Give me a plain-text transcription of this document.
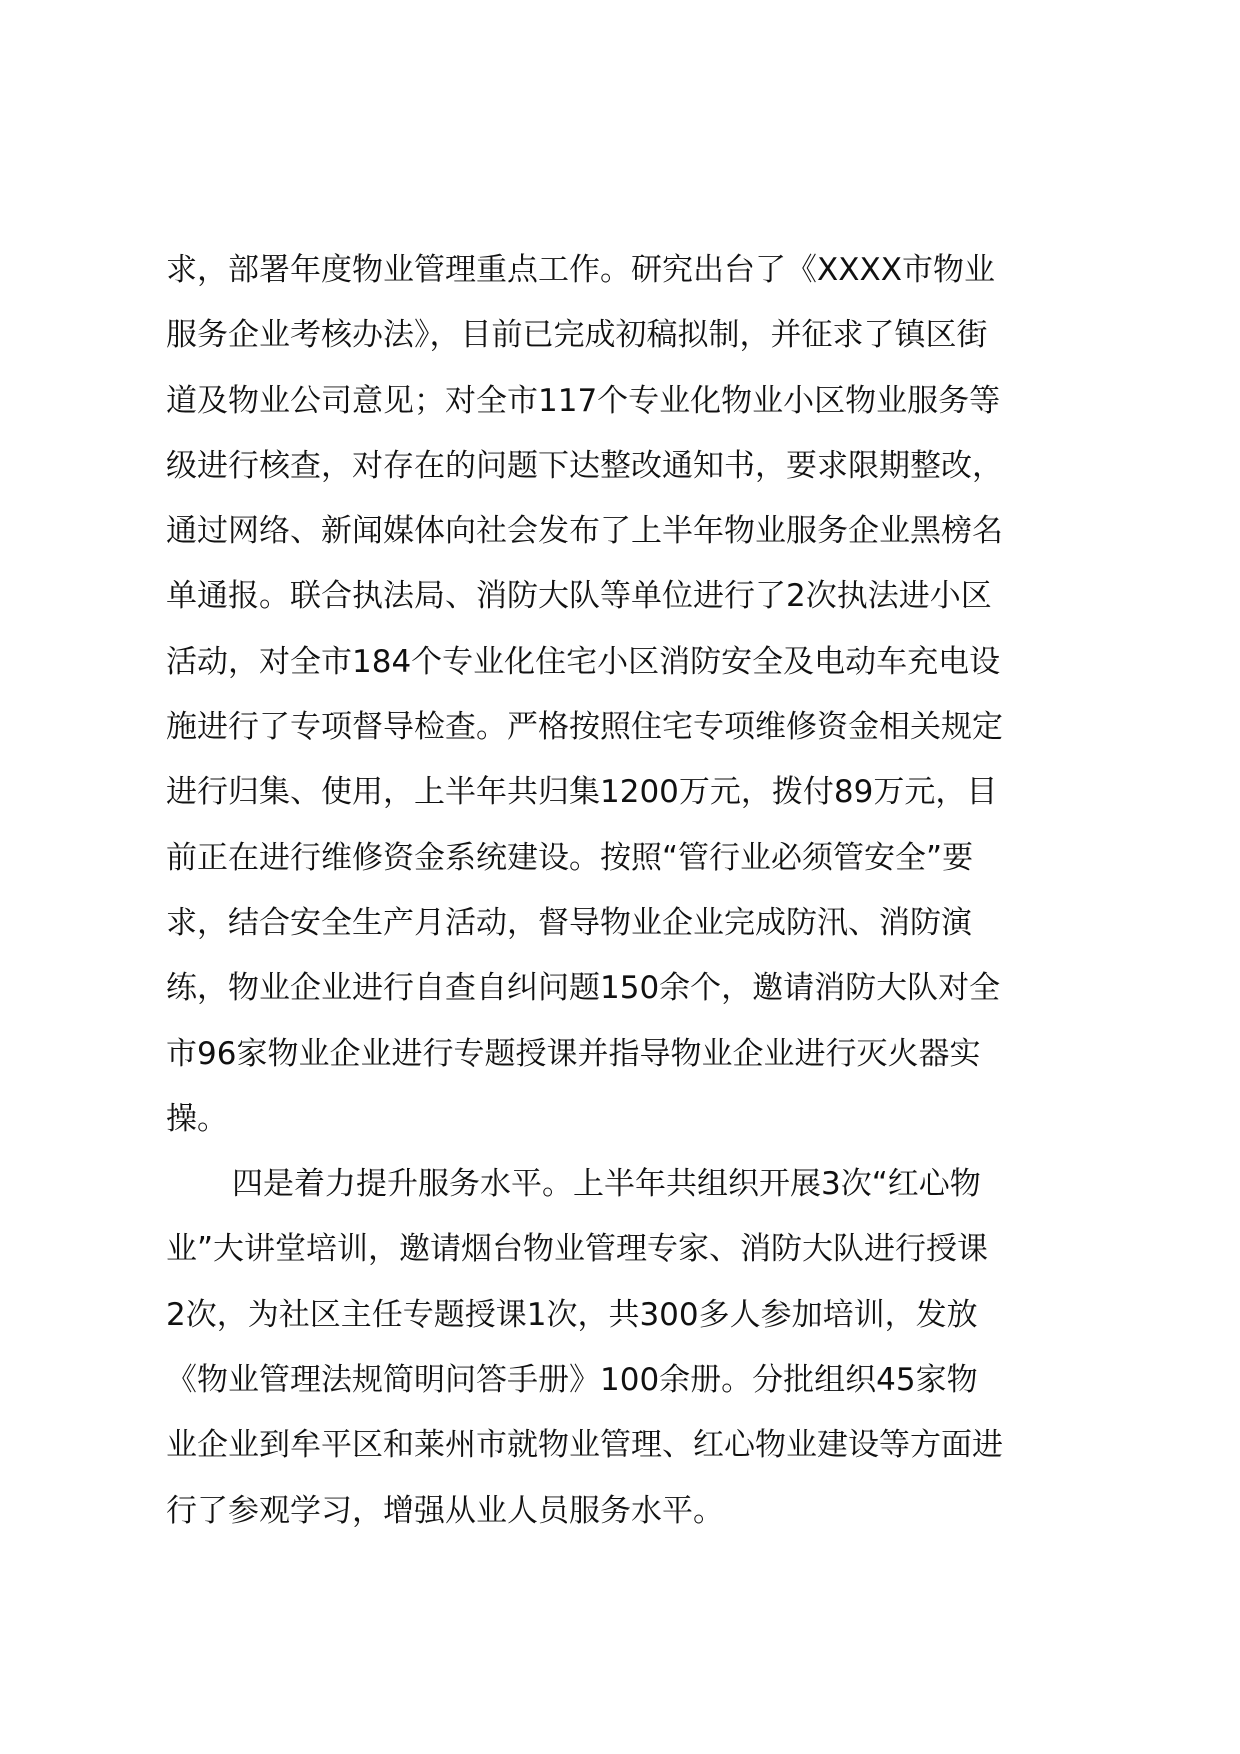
求，部署年度物业管理重点工作。研究出台了《XXXX市物业
服务企业考核办法》，目前已完成初稿拟制，并征求了镇区街
道及物业公司意见；对全市117个专业化物业小区物业服务等
级进行核查，对存在的问题下达整改通知书，要求限期整改，
通过网络、新闻媒体向社会发布了上半年物业服务企业黑榜名
单通报。联合执法局、消防大队等单位进行了2次执法进小区
活动，对全市184个专业化住宅小区消防安全及电动车充电设
施进行了专项督导检查。严格按照住宅专项维修资金相关规定
进行归集、使用，上半年共归集1200万元，拨付89万元，目
前正在进行维修资金系统建设。按照“管行业必须管安全”要
求，结合安全生产月活动，督导物业企业完成防汛、消防演
练，物业企业进行自查自纠问题150余个，邀请消防大队对全
市96家物业企业进行专题授课并指导物业企业进行灭火器实
操。
四是着力提升服务水平。上半年共组织开展3次“红心物
业”大讲堂培训，邀请烟台物业管理专家、消防大队进行授课
2次，为社区主任专题授课1次，共300多人参加培训，发放
《物业管理法规简明问答手册》100余册。分批组织45家物
业企业到牟平区和莱州市就物业管理、红心物业建设等方面进
行了参观学习，增强从业人员服务水平。
